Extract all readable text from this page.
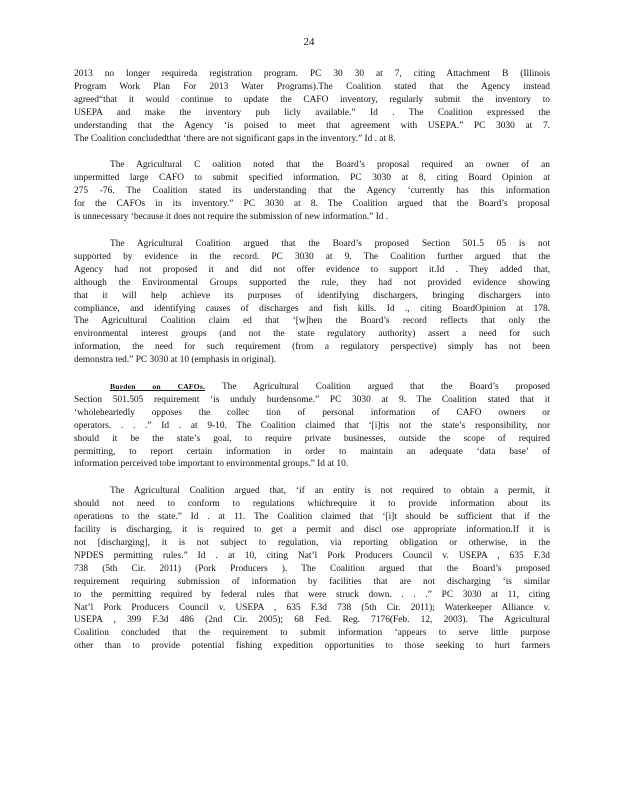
24
2013 no longer requireda registration program. PC 30 30 at 7, citing Attachment B (Illinois
Program Work Plan For 2013 Water Programs).The Coalition stated that the Agency instead
agreed“that it would continue to update the CAFO inventory, regularly submit the inventory to
USEPA and make the inventory pub licly available.” Id . The Coalition expressed the
understanding that the Agency ‘is poised to meet that agreement with USEPA.” PC 3030 at 7.
The Coalition concludedthat ‘there are not significant gaps in the inventory.” Id . at 8.
The Agricultural C oalition noted that the Board’s proposal required an owner of an
unpermitted large CAFO to submit specified information. PC 3030 at 8, citing Board Opinion at
275 -76. The Coalition stated its understanding that the Agency ‘currently has this information
for the CAFOs in its inventory.” PC 3030 at 8. The Coalition argued that the Board’s proposal
is unnecessary ‘because it does not require the submission of new information.” Id .
The Agricultural Coalition argued that the Board’s proposed Section 501.5 05 is not
supported by evidence in the record. PC 3030 at 9. The Coalition further argued that the
Agency had not proposed it and did not offer evidence to support it.Id . They added that,
although the Environmental Groups supported the rule, they had not provided evidence showing
that it will help achieve its purposes of identifying dischargers, bringing dischargers into
compliance, and identifying causes of discharges and fish kills. Id ., citing BoardOpinion at 178.
The Agricultural Coalition claim ed that ‘[w]hen the Board’s record reflects that only the
environmental interest groups (and not the state regulatory authority) assert a need for such
information, the need for such requirement (from a regulatory perspective) simply has not been
demonstra ted.” PC 3030 at 10 (emphasis in original).
Burden on CAFOs. The Agricultural Coalition argued that the Board’s proposed
Section 501.505 requirement ‘is unduly burdensome.” PC 3030 at 9. The Coalition stated that it
‘wholeheartedly opposes the collec tion of personal information of CAFO owners or
operators. . . .” Id . at 9-10. The Coalition claimed that ‘[i]tis not the state’s responsibility, nor
should it be the state’s goal, to require private businesses, outside the scope of required
permitting, to report certain information in order to maintain an adequate ‘data base’ of
information perceived tobe important to environmental groups.” Id at 10.
The Agricultural Coalition argued that, ‘if an entity is not required to obtain a permit, it
should not need to conform to regulations whichrequire it to provide information about its
operations to the state.” Id . at 11. The Coalition claimed that ‘[i]t should be sufficient that if the
facility is discharging, it is required to get a permit and discl ose appropriate information.If it is
not [discharging], it is not subject to regulation, via reporting obligation or otherwise, in the
NPDES permitting rules.” Id . at 10, citing Nat’l Pork Producers Council v. USEPA , 635 F.3d
738 (5th Cir. 2011) (Pork Producers ). The Coalition argued that the Board’s proposed
requirement requiring submission of information by facilities that are not discharging ‘is similar
to the permitting required by federal rules that were struck down. . . .” PC 3030 at 11, citing
Nat’l Pork Producers Council v. USEPA , 635 F.3d 738 (5th Cir. 2011); Waterkeeper Alliance v.
USEPA , 399 F.3d 486 (2nd Cir. 2005); 68 Fed. Reg. 7176(Feb. 12, 2003). The Agricultural
Coalition concluded that the requirement to submit information ‘appears to serve little purpose
other than to provide potential fishing expedition opportunities to those seeking to hurt farmers
